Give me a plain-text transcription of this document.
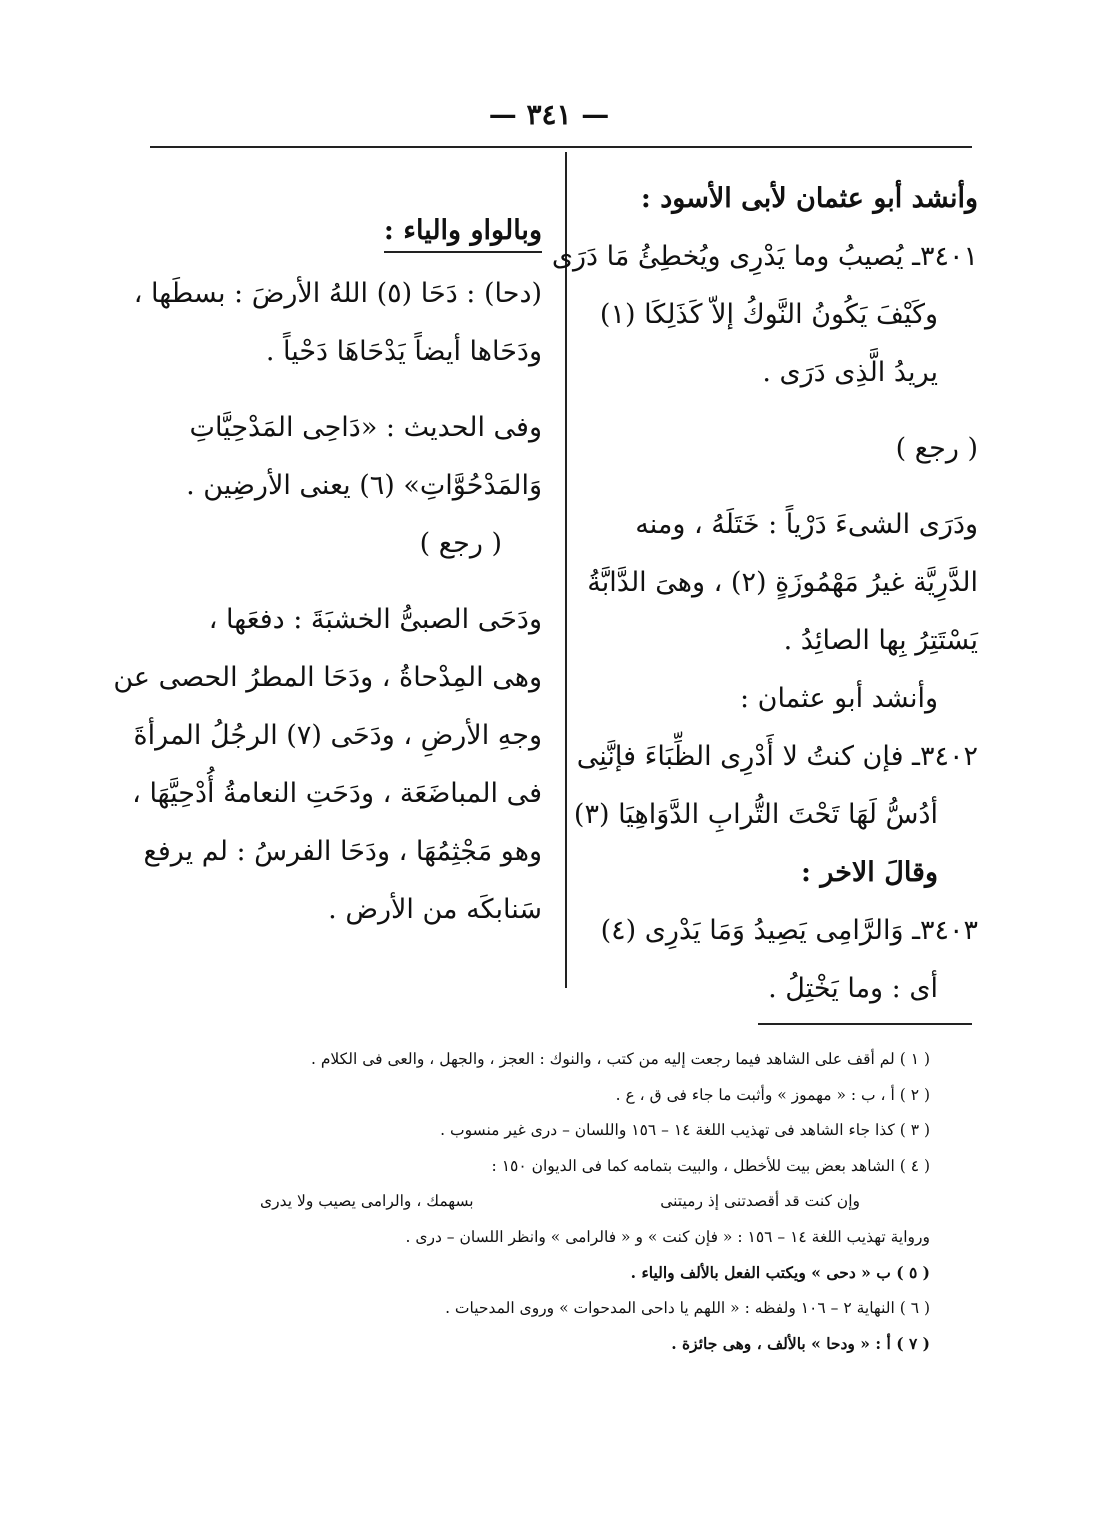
— ٣٤١ —
وأنشد أبو عثمان لأبى الأسود :
٣٤٠١ـ يُصيبُ وما يَدْرِى ويُخطِئُ مَا دَرَى
وكَيْفَ يَكُونُ النَّوكُ إلاّ كَذَلِكَا (١)
يريدُ الَّذِى دَرَى .
( رجع )
ودَرَى الشىءَ دَرْياً : خَتَلَهُ ، ومنه
الدَّرِيَّة غيرُ مَهْمُوزَةٍ (٢) ، وهىَ الدَّابَّةُ
يَسْتَتِرُ بِها الصائِدُ .
وأنشد أبو عثمان :
٣٤٠٢ـ فإن كنتُ لا أَدْرِى الظِّبَاءَ فإنَّنِى
أدُسُّ لَهَا تَحْتَ التُّرابِ الدَّوَاهِيَا (٣)
وقالَ الاخر :
٣٤٠٣ـ وَالرَّامِى يَصِيدُ وَمَا يَدْرِى (٤)
أى : وما يَخْتِلُ .
وبالواو والياء :
(دحا) : دَحَا (٥) اللهُ الأرضَ : بسطَها ،
ودَحَاها أيضاً يَدْحَاهَا دَحْياً .
وفى الحديث : «دَاحِى المَدْحِيَّاتِ
وَالمَدْحُوَّاتِ» (٦) يعنى الأرضِين .
( رجع )
ودَحَى الصبىُّ الخشبَةَ : دفعَها ،
وهى المِدْحاةُ ، ودَحَا المطرُ الحصى عن
وجهِ الأرضِ ، ودَحَى (٧) الرجُلُ المرأةَ
فى المباضَعَة ، ودَحَتِ النعامةُ أُدْحِيَّهَا ،
وهو مَجْثِمُهَا ، ودَحَا الفرسُ : لم يرفع
سَنابكَه من الأرض .
( ١ ) لم أقف على الشاهد فيما رجعت إليه من كتب ، والنوك : العجز ، والجهل ، والعى فى الكلام .
( ٢ ) أ ، ب : « مهموز » وأثبت ما جاء فى ق ، ع .
( ٣ ) كذا جاء الشاهد فى تهذيب اللغة ١٤ – ١٥٦ واللسان – درى غير منسوب .
( ٤ ) الشاهد بعض بيت للأخطل ، والبيت بتمامه كما فى الديوان ١٥٠ :
وإن كنت قد أقصدتنى إذ رميتنى
بسهمك ، والرامى يصيب ولا يدرى
ورواية تهذيب اللغة ١٤ – ١٥٦ : « فإن كنت » و « فالرامى » وانظر اللسان – درى .
( ٥ ) ب « دحى » ويكتب الفعل بالألف والياء .
( ٦ ) النهاية ٢ – ١٠٦ ولفظه : « اللهم يا داحى المدحوات » وروى المدحيات .
( ٧ ) أ : « ودحا » بالألف ، وهى جائزة .
